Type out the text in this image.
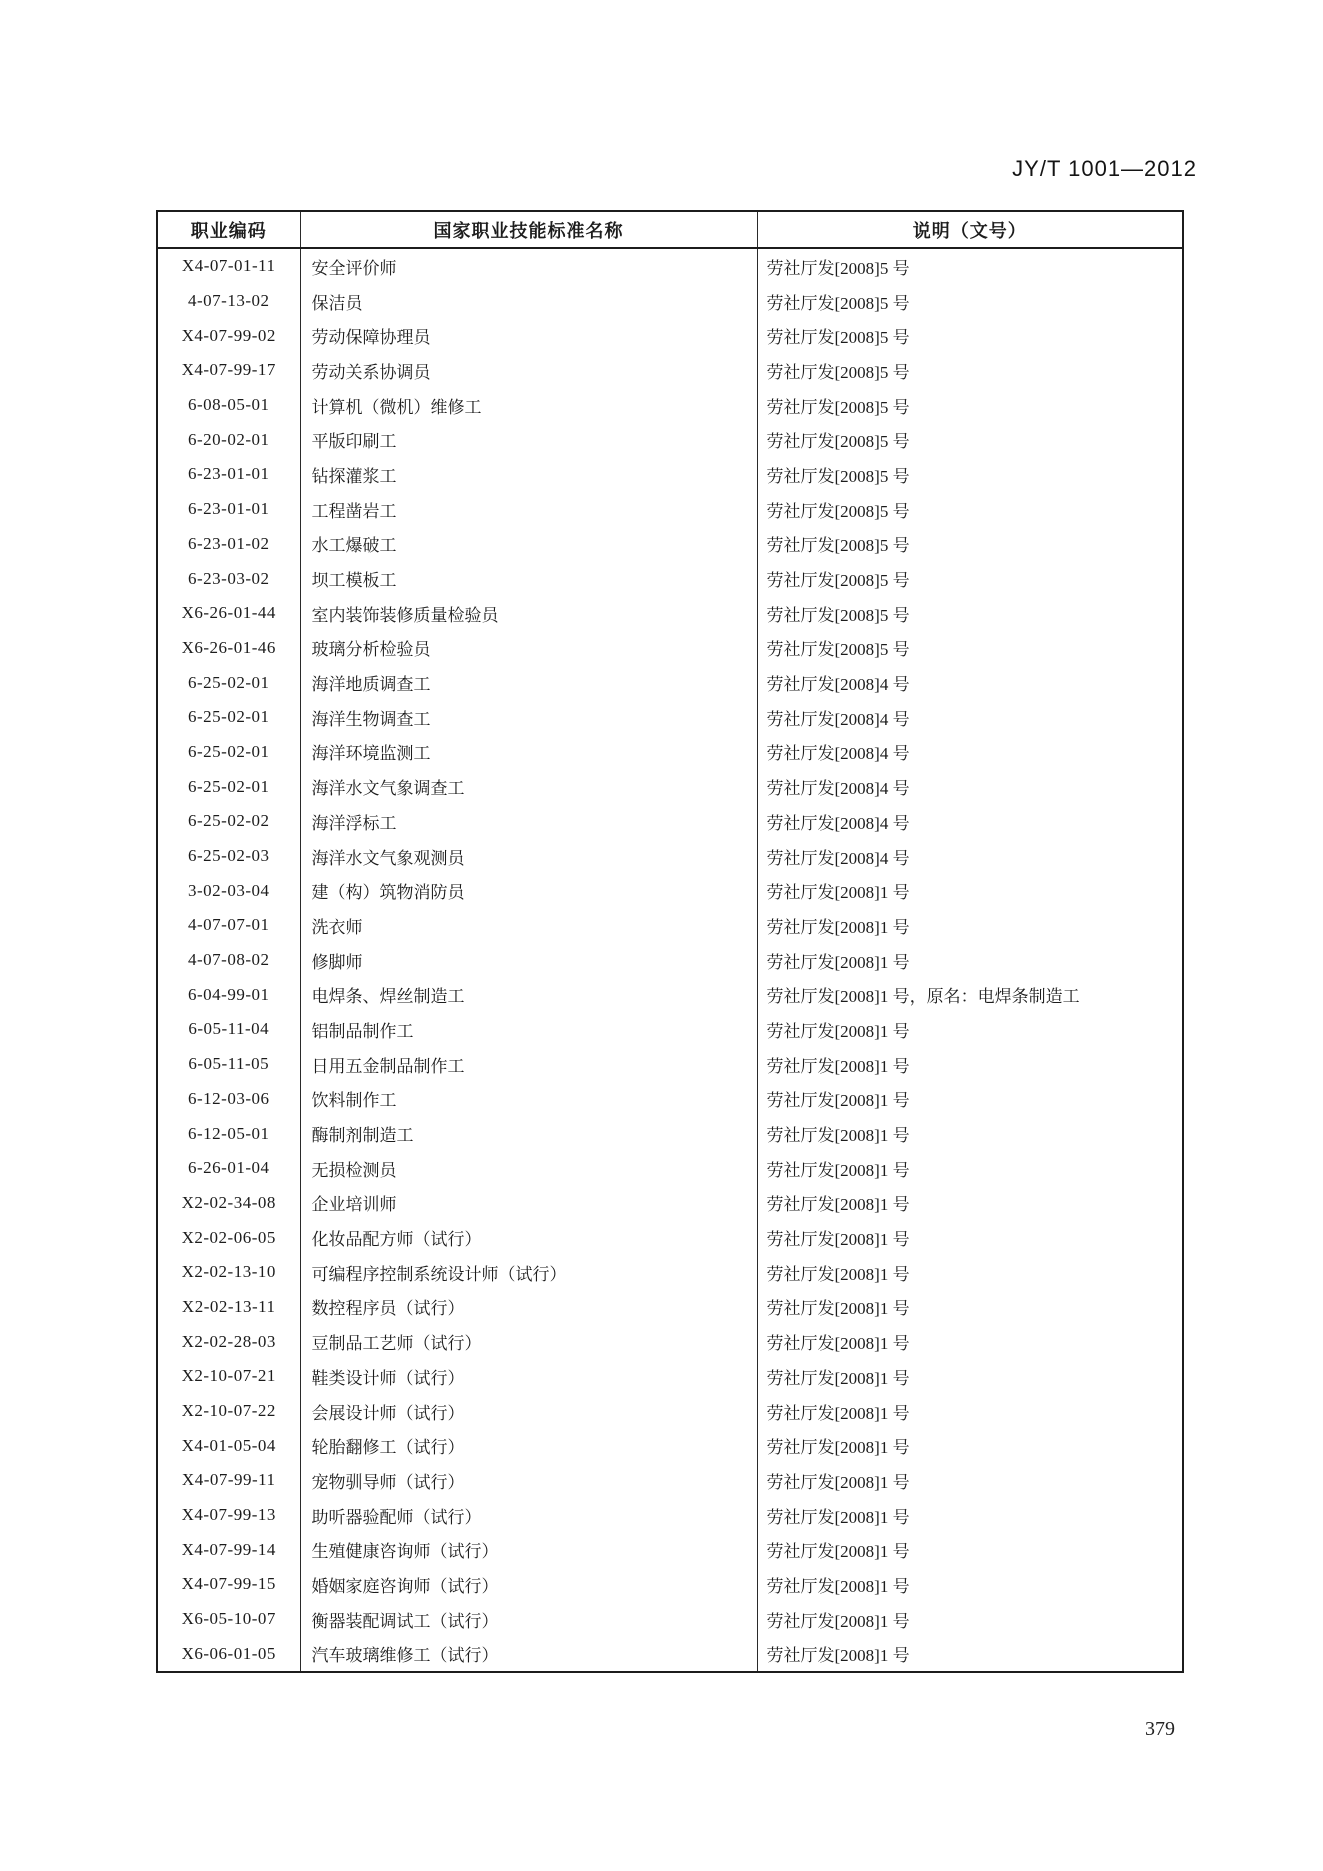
JY/T 1001—2012
职业编码	国家职业技能标准名称	说明（文号）
X4-07-01-11	安全评价师	劳社厅发[2008]5 号
4-07-13-02	保洁员	劳社厅发[2008]5 号
X4-07-99-02	劳动保障协理员	劳社厅发[2008]5 号
X4-07-99-17	劳动关系协调员	劳社厅发[2008]5 号
6-08-05-01	计算机（微机）维修工	劳社厅发[2008]5 号
6-20-02-01	平版印刷工	劳社厅发[2008]5 号
6-23-01-01	钻探灌浆工	劳社厅发[2008]5 号
6-23-01-01	工程凿岩工	劳社厅发[2008]5 号
6-23-01-02	水工爆破工	劳社厅发[2008]5 号
6-23-03-02	坝工模板工	劳社厅发[2008]5 号
X6-26-01-44	室内装饰装修质量检验员	劳社厅发[2008]5 号
X6-26-01-46	玻璃分析检验员	劳社厅发[2008]5 号
6-25-02-01	海洋地质调查工	劳社厅发[2008]4 号
6-25-02-01	海洋生物调查工	劳社厅发[2008]4 号
6-25-02-01	海洋环境监测工	劳社厅发[2008]4 号
6-25-02-01	海洋水文气象调查工	劳社厅发[2008]4 号
6-25-02-02	海洋浮标工	劳社厅发[2008]4 号
6-25-02-03	海洋水文气象观测员	劳社厅发[2008]4 号
3-02-03-04	建（构）筑物消防员	劳社厅发[2008]1 号
4-07-07-01	洗衣师	劳社厅发[2008]1 号
4-07-08-02	修脚师	劳社厅发[2008]1 号
6-04-99-01	电焊条、焊丝制造工	劳社厅发[2008]1 号，原名：电焊条制造工
6-05-11-04	铝制品制作工	劳社厅发[2008]1 号
6-05-11-05	日用五金制品制作工	劳社厅发[2008]1 号
6-12-03-06	饮料制作工	劳社厅发[2008]1 号
6-12-05-01	酶制剂制造工	劳社厅发[2008]1 号
6-26-01-04	无损检测员	劳社厅发[2008]1 号
X2-02-34-08	企业培训师	劳社厅发[2008]1 号
X2-02-06-05	化妆品配方师（试行）	劳社厅发[2008]1 号
X2-02-13-10	可编程序控制系统设计师（试行）	劳社厅发[2008]1 号
X2-02-13-11	数控程序员（试行）	劳社厅发[2008]1 号
X2-02-28-03	豆制品工艺师（试行）	劳社厅发[2008]1 号
X2-10-07-21	鞋类设计师（试行）	劳社厅发[2008]1 号
X2-10-07-22	会展设计师（试行）	劳社厅发[2008]1 号
X4-01-05-04	轮胎翻修工（试行）	劳社厅发[2008]1 号
X4-07-99-11	宠物驯导师（试行）	劳社厅发[2008]1 号
X4-07-99-13	助听器验配师（试行）	劳社厅发[2008]1 号
X4-07-99-14	生殖健康咨询师（试行）	劳社厅发[2008]1 号
X4-07-99-15	婚姻家庭咨询师（试行）	劳社厅发[2008]1 号
X6-05-10-07	衡器装配调试工（试行）	劳社厅发[2008]1 号
X6-06-01-05	汽车玻璃维修工（试行）	劳社厅发[2008]1 号
379
